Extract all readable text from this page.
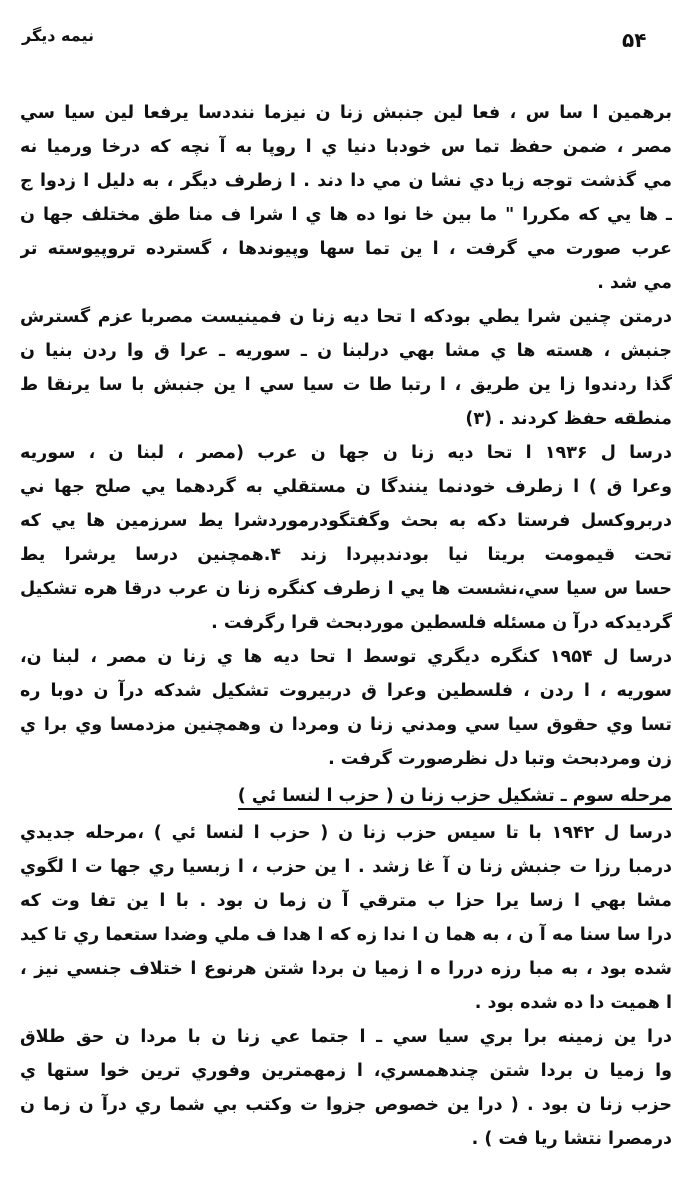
نيمه ديگر	۵۴
برهمين ا سا س ، فعا لين جنبش زنا ن نيزما ننددسا يرفعا لين سيا سي
مصر ، ضمن حفظ تما س خودبا دنيا ي ا روپا به آ نچه که درخا ورميا نه
مي گذشت توجه زيا دي نشا ن مي دا دند . ا زطرف ديگر ، به دليل ا زدوا ج
ـ ها يي که مکررا " ما بين خا نوا ده ها ي ا شرا ف منا طق مختلف جها ن
عرب صورت مي گرفت ، ا ين تما سها وپيوندها ، گسترده تروپيوسته تر
مي شد .
درمتن چنين شرا يطي بودکه ا تحا ديه زنا ن فمينيست مصربا عزم گسترش
جنبش ، هسته ها ي مشا بهي درلبنا ن ـ سوريه ـ عرا ق وا ردن بنيا ن
گذا ردندوا زا ين طريق ، ا رتبا طا ت سيا سي ا ين جنبش با سا يرنقا ط
منطقه حفظ کردند . (۳)
درسا ل ۱۹۳۶ ا تحا ديه زنا ن جها ن عرب (مصر ، لبنا ن ، سوريه
وعرا ق ) ا زطرف خودنما ينندگا ن مستقلي به گردهما يي صلح جها ني
دربروکسل فرستا دکه به بحث وگفتگودرموردشرا يط سرزمين ها يي که
تحت قيمومت بريتا نيا بودندبپردا زند ۴.همچنين درسا يرشرا يط
حسا س سيا سي،نشست ها يي ا زطرف کنگره زنا ن عرب درقا هره تشکيل
گرديدکه درآ ن مسئله فلسطين موردبحث قرا رگرفت .
درسا ل ۱۹۵۴ کنگره ديگري توسط ا تحا ديه ها ي زنا ن مصر ، لبنا ن،
سوريه ، ا ردن ، فلسطين وعرا ق دربيروت تشکيل شدکه درآ ن دوبا ره
تسا وي حقوق سيا سي ومدني زنا ن ومردا ن وهمچنين مزدمسا وي برا ي
زن ومردبحث وتبا دل نظرصورت گرفت .
مرحله سوم ـ تشکيل حزب زنا ن ( حزب ا لنسا ئي )
درسا ل ۱۹۴۲ با تا سيس حزب زنا ن ( حزب ا لنسا ئي ) ،مرحله جديدي
درمبا رزا ت جنبش زنا ن آ غا زشد . ا ين حزب ، ا زبسيا ري جها ت ا لگوي
مشا بهي ا زسا يرا حزا ب مترقي آ ن زما ن بود . با ا ين تفا وت که
درا سا سنا مه آ ن ، به هما ن ا ندا زه که ا هدا ف ملي وضدا ستعما ري تا کيد
شده بود ، به مبا رزه دررا ه ا زميا ن بردا شتن هرنوع ا ختلاف جنسي نيز ،
ا هميت دا ده شده بود .
درا ين زمينه برا بري سيا سي ـ ا جتما عي زنا ن با مردا ن حق طلاق
وا زميا ن بردا شتن چندهمسري، ا زمهمترين وفوري ترين خوا ستها ي
حزب زنا ن بود . ( درا ين خصوص جزوا ت وکتب بي شما ري درآ ن زما ن
درمصرا نتشا ريا فت ) .
